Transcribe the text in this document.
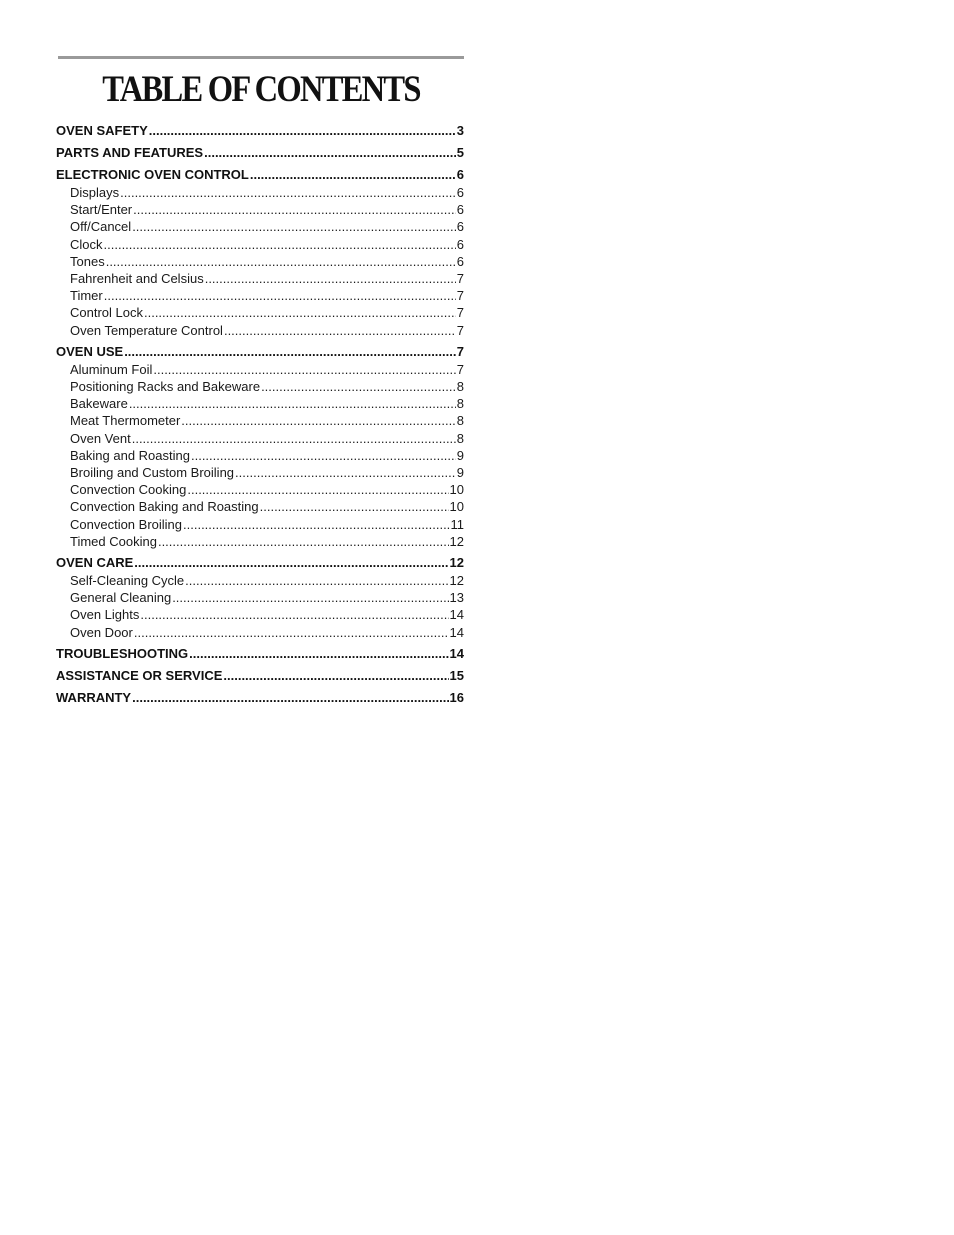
TABLE OF CONTENTS
OVEN SAFETY .....	3
PARTS AND FEATURES .....	5
ELECTRONIC OVEN CONTROL .....	6
Displays .....	6
Start/Enter .....	6
Off/Cancel .....	6
Clock .....	6
Tones .....	6
Fahrenheit and Celsius .....	7
Timer .....	7
Control Lock .....	7
Oven Temperature Control .....	7
OVEN USE .....	7
Aluminum Foil .....	7
Positioning Racks and Bakeware .....	8
Bakeware .....	8
Meat Thermometer .....	8
Oven Vent .....	8
Baking and Roasting .....	9
Broiling and Custom Broiling .....	9
Convection Cooking .....	10
Convection Baking and Roasting .....	10
Convection Broiling .....	11
Timed Cooking .....	12
OVEN CARE .....	12
Self-Cleaning Cycle .....	12
General Cleaning .....	13
Oven Lights .....	14
Oven Door .....	14
TROUBLESHOOTING .....	14
ASSISTANCE OR SERVICE .....	15
WARRANTY .....	16
